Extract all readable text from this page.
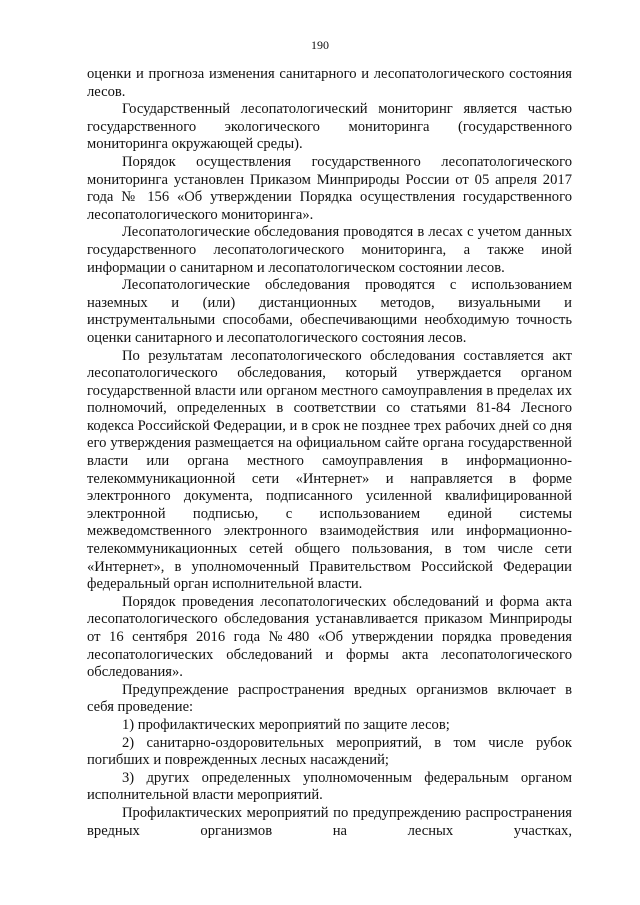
190

оценки и прогноза изменения санитарного и лесопатологического состояния лесов.

Государственный лесопатологический мониторинг является частью государственного экологического мониторинга (государственного мониторинга окружающей среды).

Порядок осуществления государственного лесопатологического мониторинга установлен Приказом Минприроды России от 05 апреля 2017 года № 156 «Об утверждении Порядка осуществления государственного лесопатологического мониторинга».

Лесопатологические обследования проводятся в лесах с учетом данных государственного лесопатологического мониторинга, а также иной информации о санитарном и лесопатологическом состоянии лесов.

Лесопатологические обследования проводятся с использованием наземных и (или) дистанционных методов, визуальными и инструментальными способами, обеспечивающими необходимую точность оценки санитарного и лесопатологического состояния лесов.

По результатам лесопатологического обследования составляется акт лесопатологического обследования, который утверждается органом государственной власти или органом местного самоуправления в пределах их полномочий, определенных в соответствии со статьями 81-84 Лесного кодекса Российской Федерации, и в срок не позднее трех рабочих дней со дня его утверждения размещается на официальном сайте органа государственной власти или органа местного самоуправления в информационно-телекоммуникационной сети «Интернет» и направляется в форме электронного документа, подписанного усиленной квалифицированной электронной подписью, с использованием единой системы межведомственного электронного взаимодействия или информационно-телекоммуникационных сетей общего пользования, в том числе сети «Интернет», в уполномоченный Правительством Российской Федерации федеральный орган исполнительной власти.

Порядок проведения лесопатологических обследований и форма акта лесопатологического обследования устанавливается приказом Минприроды от 16 сентября 2016 года №480 «Об утверждении порядка проведения лесопатологических обследований и формы акта лесопатологического обследования».

Предупреждение распространения вредных организмов включает в себя проведение:

1) профилактических мероприятий по защите лесов;

2) санитарно-оздоровительных мероприятий, в том числе рубок погибших и поврежденных лесных насаждений;

3) других определенных уполномоченным федеральным органом исполнительной власти мероприятий.

Профилактических мероприятий по предупреждению распространения вредных организмов на лесных участках,
